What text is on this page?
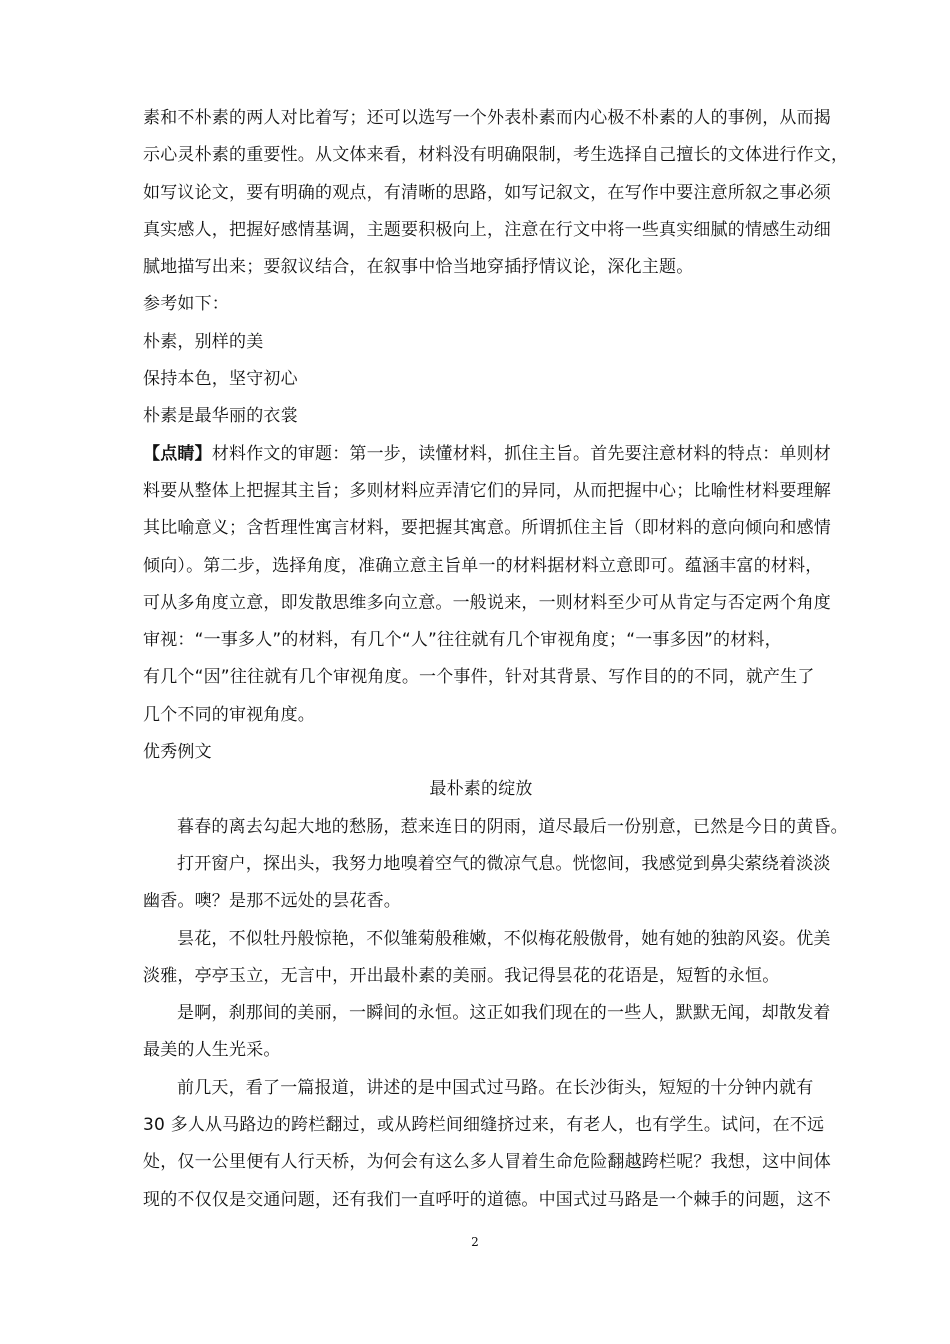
素和不朴素的两人对比着写；还可以选写一个外表朴素而内心极不朴素的人的事例，从而揭
示心灵朴素的重要性。从文体来看，材料没有明确限制，考生选择自己擅长的文体进行作文，
如写议论文，要有明确的观点，有清晰的思路，如写记叙文，在写作中要注意所叙之事必须
真实感人，把握好感情基调，主题要积极向上，注意在行文中将一些真实细腻的情感生动细
腻地描写出来；要叙议结合，在叙事中恰当地穿插抒情议论，深化主题。
参考如下：
朴素，别样的美
保持本色，坚守初心
朴素是最华丽的衣裳
【点睛】材料作文的审题：第一步，读懂材料，抓住主旨。首先要注意材料的特点：单则材
料要从整体上把握其主旨；多则材料应弄清它们的异同，从而把握中心；比喻性材料要理解
其比喻意义；含哲理性寓言材料，要把握其寓意。所谓抓住主旨（即材料的意向倾向和感情
倾向）。第二步，选择角度，准确立意主旨单一的材料据材料立意即可。蕴涵丰富的材料，
可从多角度立意，即发散思维多向立意。一般说来，一则材料至少可从肯定与否定两个角度
审视：“一事多人”的材料，有几个“人”往往就有几个审视角度；“一事多因”的材料，
有几个“因”往往就有几个审视角度。一个事件，针对其背景、写作目的的不同，就产生了
几个不同的审视角度。
优秀例文
最朴素的绽放
暮春的离去勾起大地的愁肠，惹来连日的阴雨，道尽最后一份别意，已然是今日的黄昏。
打开窗户，探出头，我努力地嗅着空气的微凉气息。恍惚间，我感觉到鼻尖萦绕着淡淡
幽香。噢？是那不远处的昙花香。
昙花，不似牡丹般惊艳，不似雏菊般稚嫩，不似梅花般傲骨，她有她的独韵风姿。优美
淡雅，亭亭玉立，无言中，开出最朴素的美丽。我记得昙花的花语是，短暂的永恒。
是啊，刹那间的美丽，一瞬间的永恒。这正如我们现在的一些人，默默无闻，却散发着
最美的人生光采。
前几天，看了一篇报道，讲述的是中国式过马路。在长沙街头，短短的十分钟内就有
30 多人从马路边的跨栏翻过，或从跨栏间细缝挤过来，有老人，也有学生。试问，在不远
处，仅一公里便有人行天桥，为何会有这么多人冒着生命危险翻越跨栏呢？我想，这中间体
现的不仅仅是交通问题，还有我们一直呼吁的道德。中国式过马路是一个棘手的问题，这不
2
